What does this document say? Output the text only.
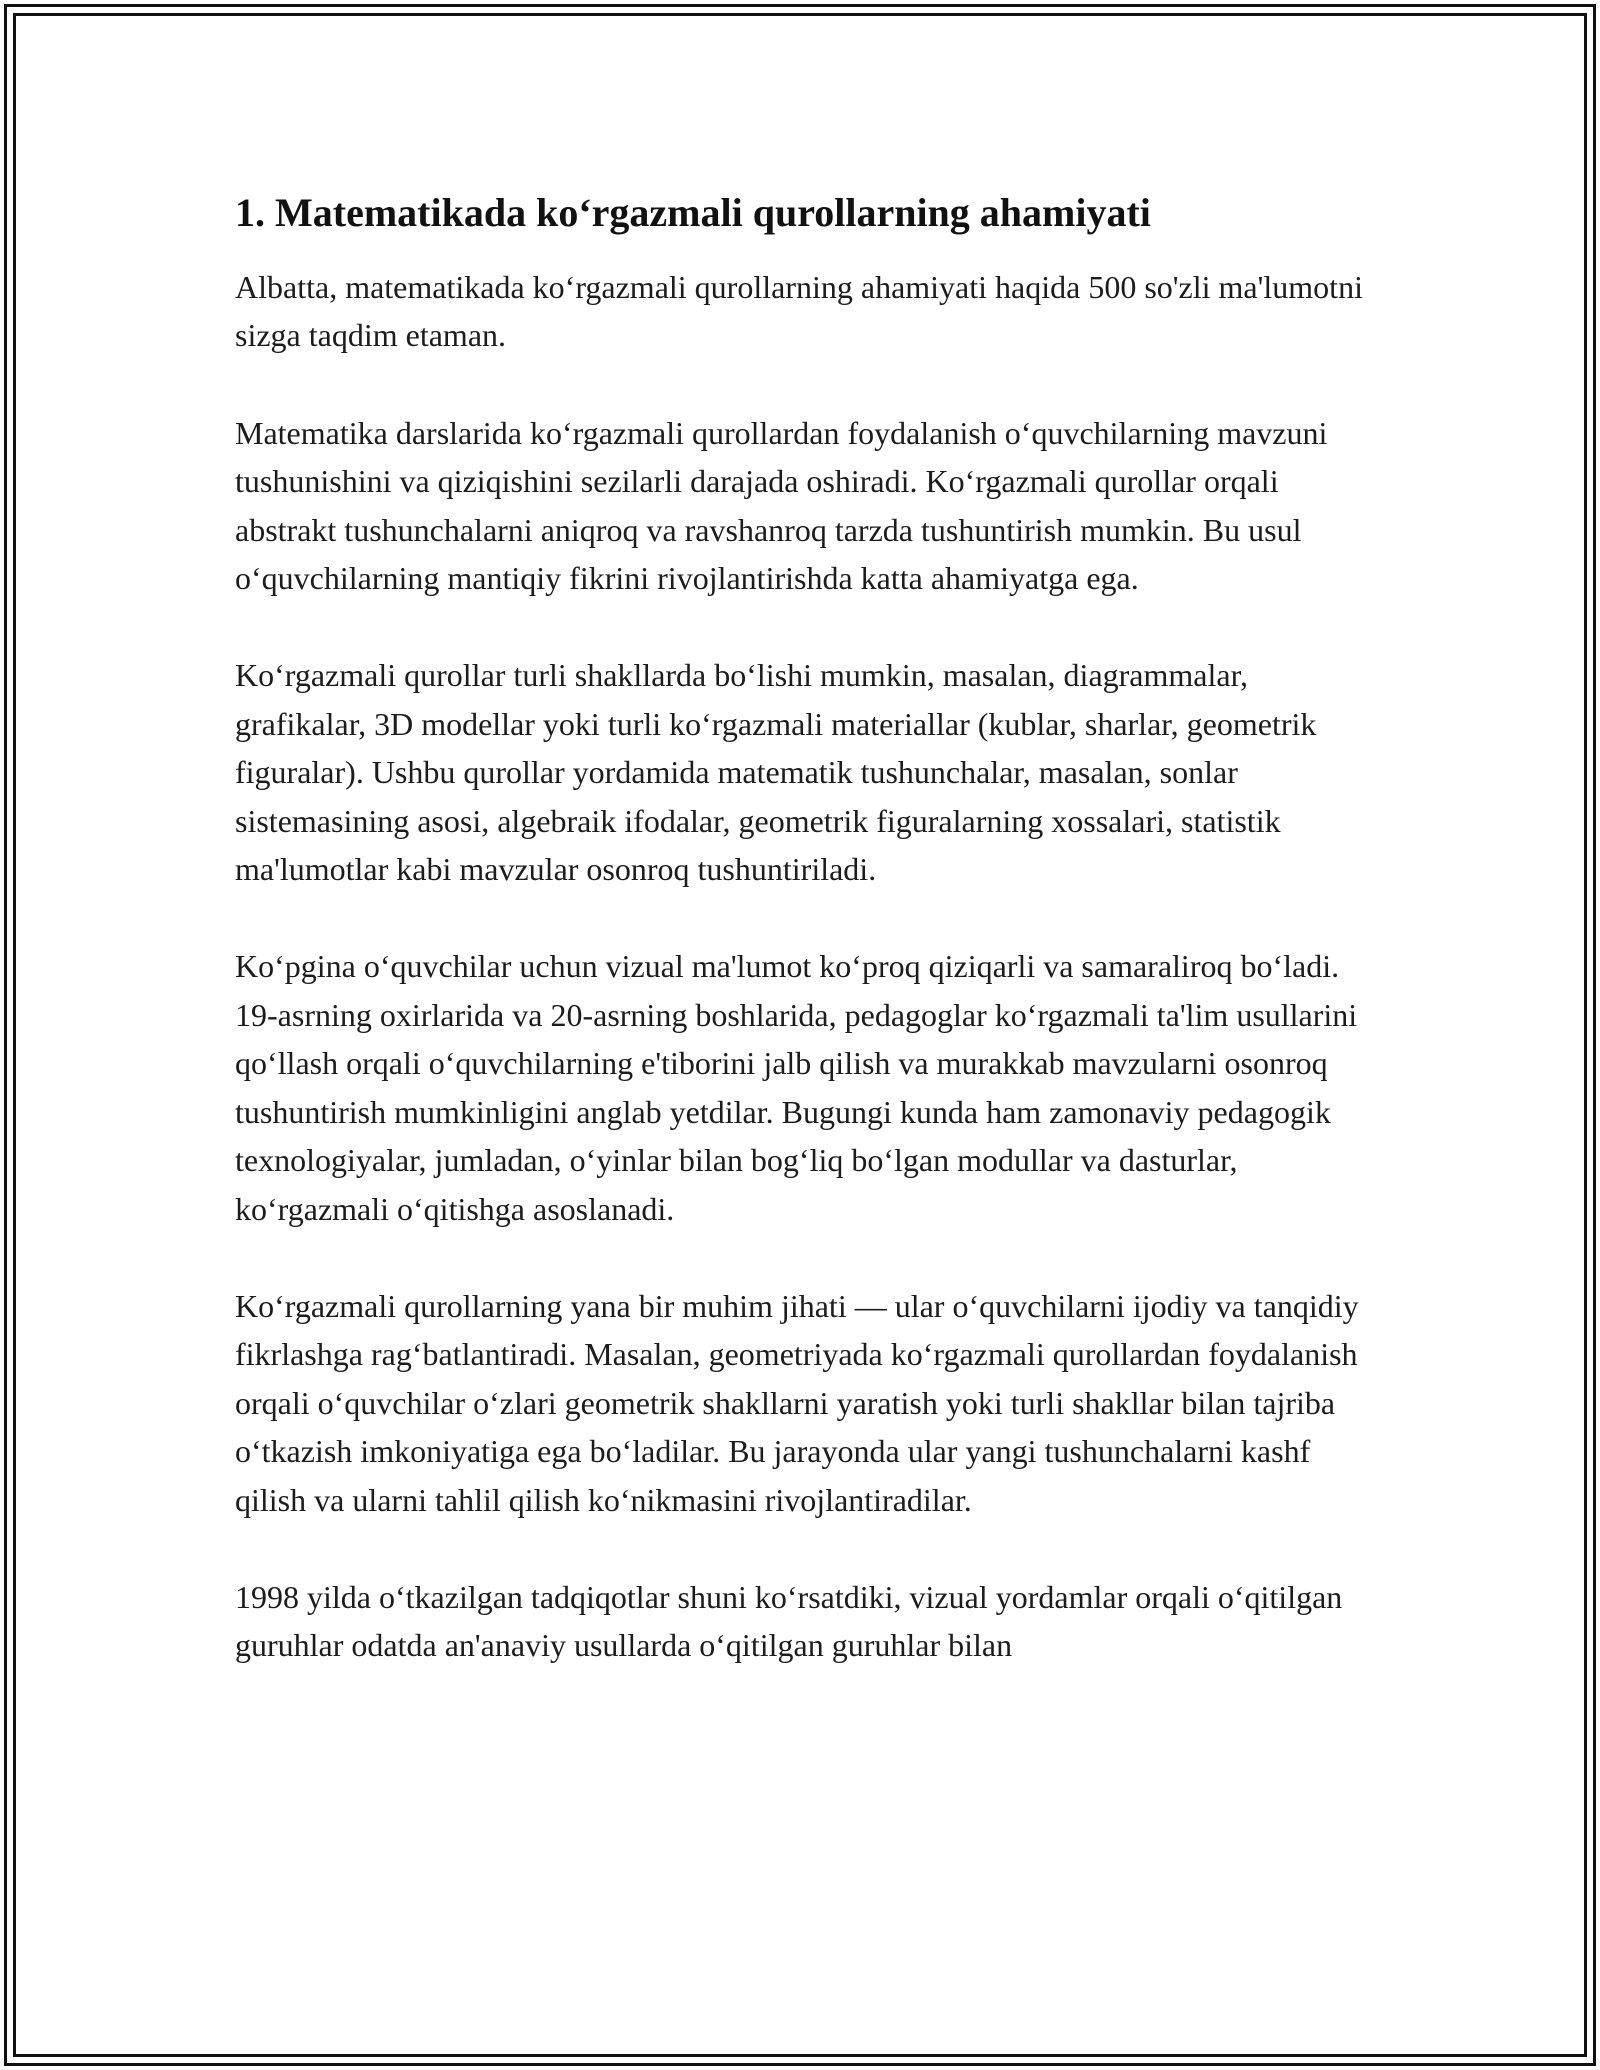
1. Matematikada ko‘rgazmali qurollarning ahamiyati

Albatta, matematikada ko‘rgazmali qurollarning ahamiyati haqida 500 so'zli ma'lumotni sizga taqdim etaman.

Matematika darslarida ko‘rgazmali qurollardan foydalanish o‘quvchilarning mavzuni tushunishini va qiziqishini sezilarli darajada oshiradi. Ko‘rgazmali qurollar orqali abstrakt tushunchalarni aniqroq va ravshanroq tarzda tushuntirish mumkin. Bu usul o‘quvchilarning mantiqiy fikrini rivojlantirishda katta ahamiyatga ega.

Ko‘rgazmali qurollar turli shakllarda bo‘lishi mumkin, masalan, diagrammalar, grafikalar, 3D modellar yoki turli ko‘rgazmali materiallar (kublar, sharlar, geometrik figuralar). Ushbu qurollar yordamida matematik tushunchalar, masalan, sonlar sistemasining asosi, algebraik ifodalar, geometrik figuralarning xossalari, statistik ma'lumotlar kabi mavzular osonroq tushuntiriladi.

Ko‘pgina o‘quvchilar uchun vizual ma'lumot ko‘proq qiziqarli va samaraliroq bo‘ladi. 19-asrning oxirlarida va 20-asrning boshlarida, pedagoglar ko‘rgazmali ta'lim usullarini qo‘llash orqali o‘quvchilarning e'tiborini jalb qilish va murakkab mavzularni osonroq tushuntirish mumkinligini anglab yetdilar. Bugungi kunda ham zamonaviy pedagogik texnologiyalar, jumladan, o‘yinlar bilan bog‘liq bo‘lgan modullar va dasturlar, ko‘rgazmali o‘qitishga asoslanadi.

Ko‘rgazmali qurollarning yana bir muhim jihati — ular o‘quvchilarni ijodiy va tanqidiy fikrlashga rag‘batlantiradi. Masalan, geometriyada ko‘rgazmali qurollardan foydalanish orqali o‘quvchilar o‘zlari geometrik shakllarni yaratish yoki turli shakllar bilan tajriba o‘tkazish imkoniyatiga ega bo‘ladilar. Bu jarayonda ular yangi tushunchalarni kashf qilish va ularni tahlil qilish ko‘nikmasini rivojlantiradilar.

1998 yilda o‘tkazilgan tadqiqotlar shuni ko‘rsatdiki, vizual yordamlar orqali o‘qitilgan guruhlar odatda an'anaviy usullarda o‘qitilgan guruhlar bilan
